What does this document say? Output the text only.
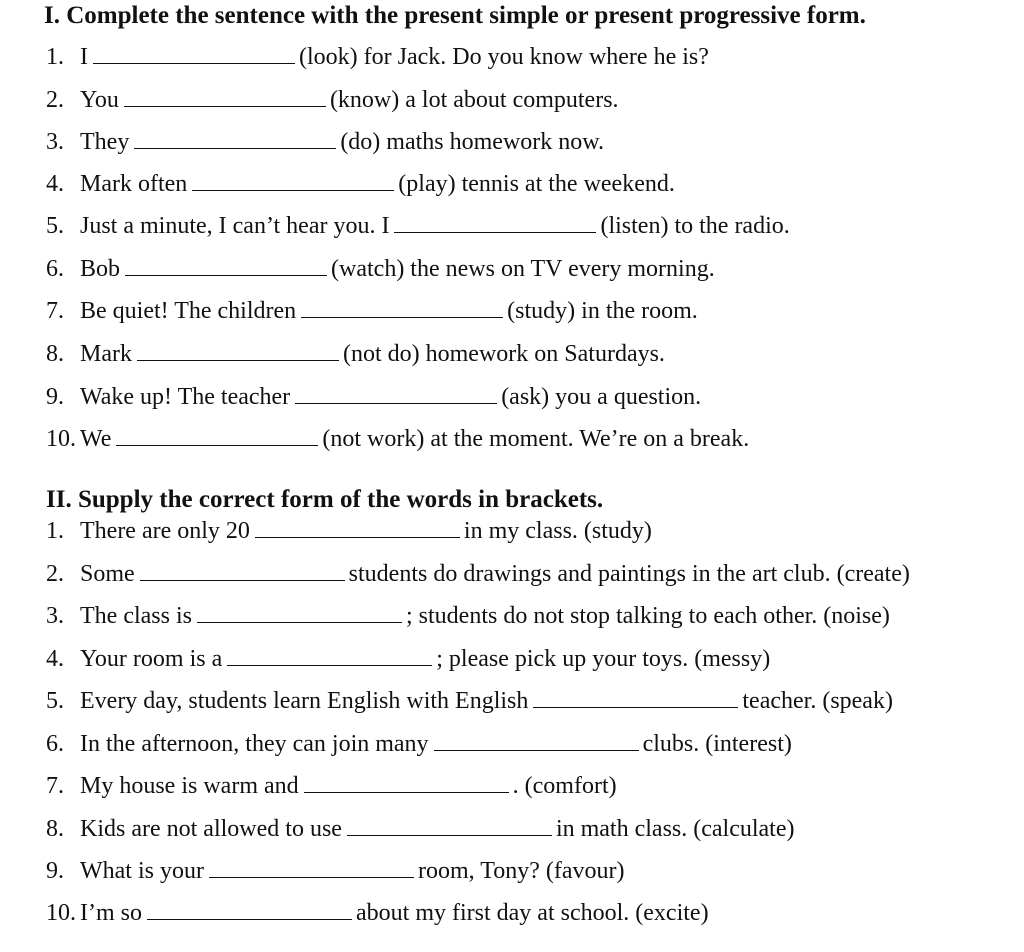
I. Complete the sentence with the present simple or present progressive form.
1. I	(look) for Jack. Do you know where he is?
2. You	(know) a lot about computers.
3. They	(do) maths homework now.
4. Mark often	(play) tennis at the weekend.
5. Just a minute, I can’t hear you. I	(listen) to the radio.
6. Bob	(watch) the news on TV every morning.
7. Be quiet! The children	(study) in the room.
8. Mark	(not do) homework on Saturdays.
9. Wake up! The teacher	(ask) you a question.
10. We	(not work) at the moment. We’re on a break.
II. Supply the correct form of the words in brackets.
1. There are only 20	in my class. (study)
2. Some	students do drawings and paintings in the art club. (create)
3. The class is	; students do not stop talking to each other. (noise)
4. Your room is a	; please pick up your toys. (messy)
5. Every day, students learn English with English	teacher. (speak)
6. In the afternoon, they can join many	clubs. (interest)
7. My house is warm and	. (comfort)
8. Kids are not allowed to use	in math class. (calculate)
9. What is your	room, Tony? (favour)
10. I’m so	about my first day at school. (excite)
